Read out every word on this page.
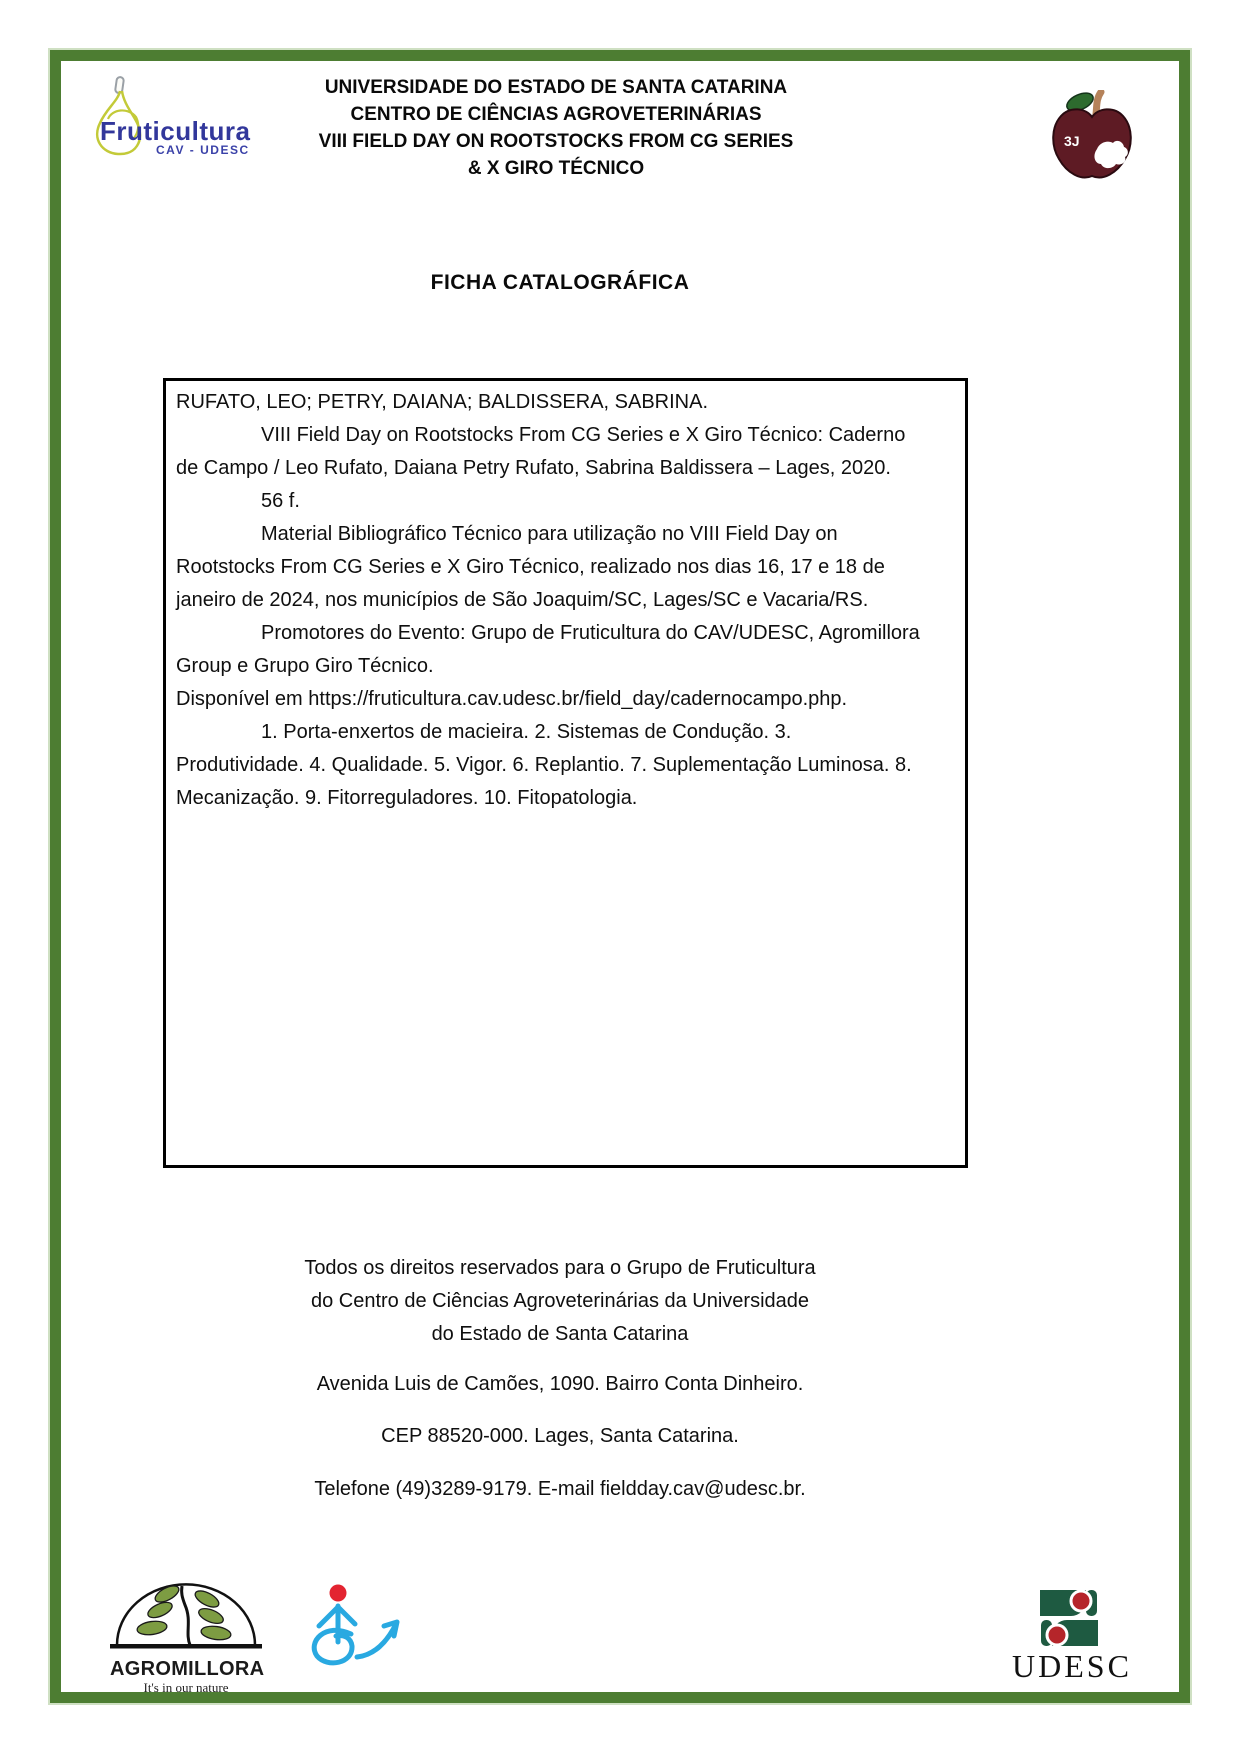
Fruticultura
CAV - UDESC
UNIVERSIDADE DO ESTADO DE SANTA CATARINA
CENTRO DE CIÊNCIAS AGROVETERINÁRIAS
VIII FIELD DAY ON ROOTSTOCKS FROM CG SERIES
& X GIRO TÉCNICO
3J
FICHA CATALOGRÁFICA

RUFATO, LEO; PETRY, DAIANA; BALDISSERA, SABRINA.

VIII Field Day on Rootstocks From CG Series e X Giro Técnico: Caderno de Campo / Leo Rufato, Daiana Petry Rufato, Sabrina Baldissera – Lages, 2020.

56 f.

Material Bibliográfico Técnico para utilização no VIII Field Day on Rootstocks From CG Series e X Giro Técnico, realizado nos dias 16, 17 e 18 de janeiro de 2024, nos municípios de São Joaquim/SC, Lages/SC e Vacaria/RS.

Promotores do Evento: Grupo de Fruticultura do CAV/UDESC, Agromillora Group e Grupo Giro Técnico.

Disponível em https://fruticultura.cav.udesc.br/field_day/cadernocampo.php.

1. Porta-enxertos de macieira. 2. Sistemas de Condução. 3. Produtividade. 4. Qualidade. 5. Vigor. 6. Replantio. 7. Suplementação Luminosa. 8. Mecanização. 9. Fitorreguladores. 10. Fitopatologia.

Todos os direitos reservados para o Grupo de Fruticultura
do Centro de Ciências Agroveterinárias da Universidade
do Estado de Santa Catarina
Avenida Luis de Camões, 1090. Bairro Conta Dinheiro.
CEP 88520-000. Lages, Santa Catarina.
Telefone (49)3289-9179. E-mail fieldday.cav@udesc.br.
AGROMILLORA
It's in our nature
UDESC
